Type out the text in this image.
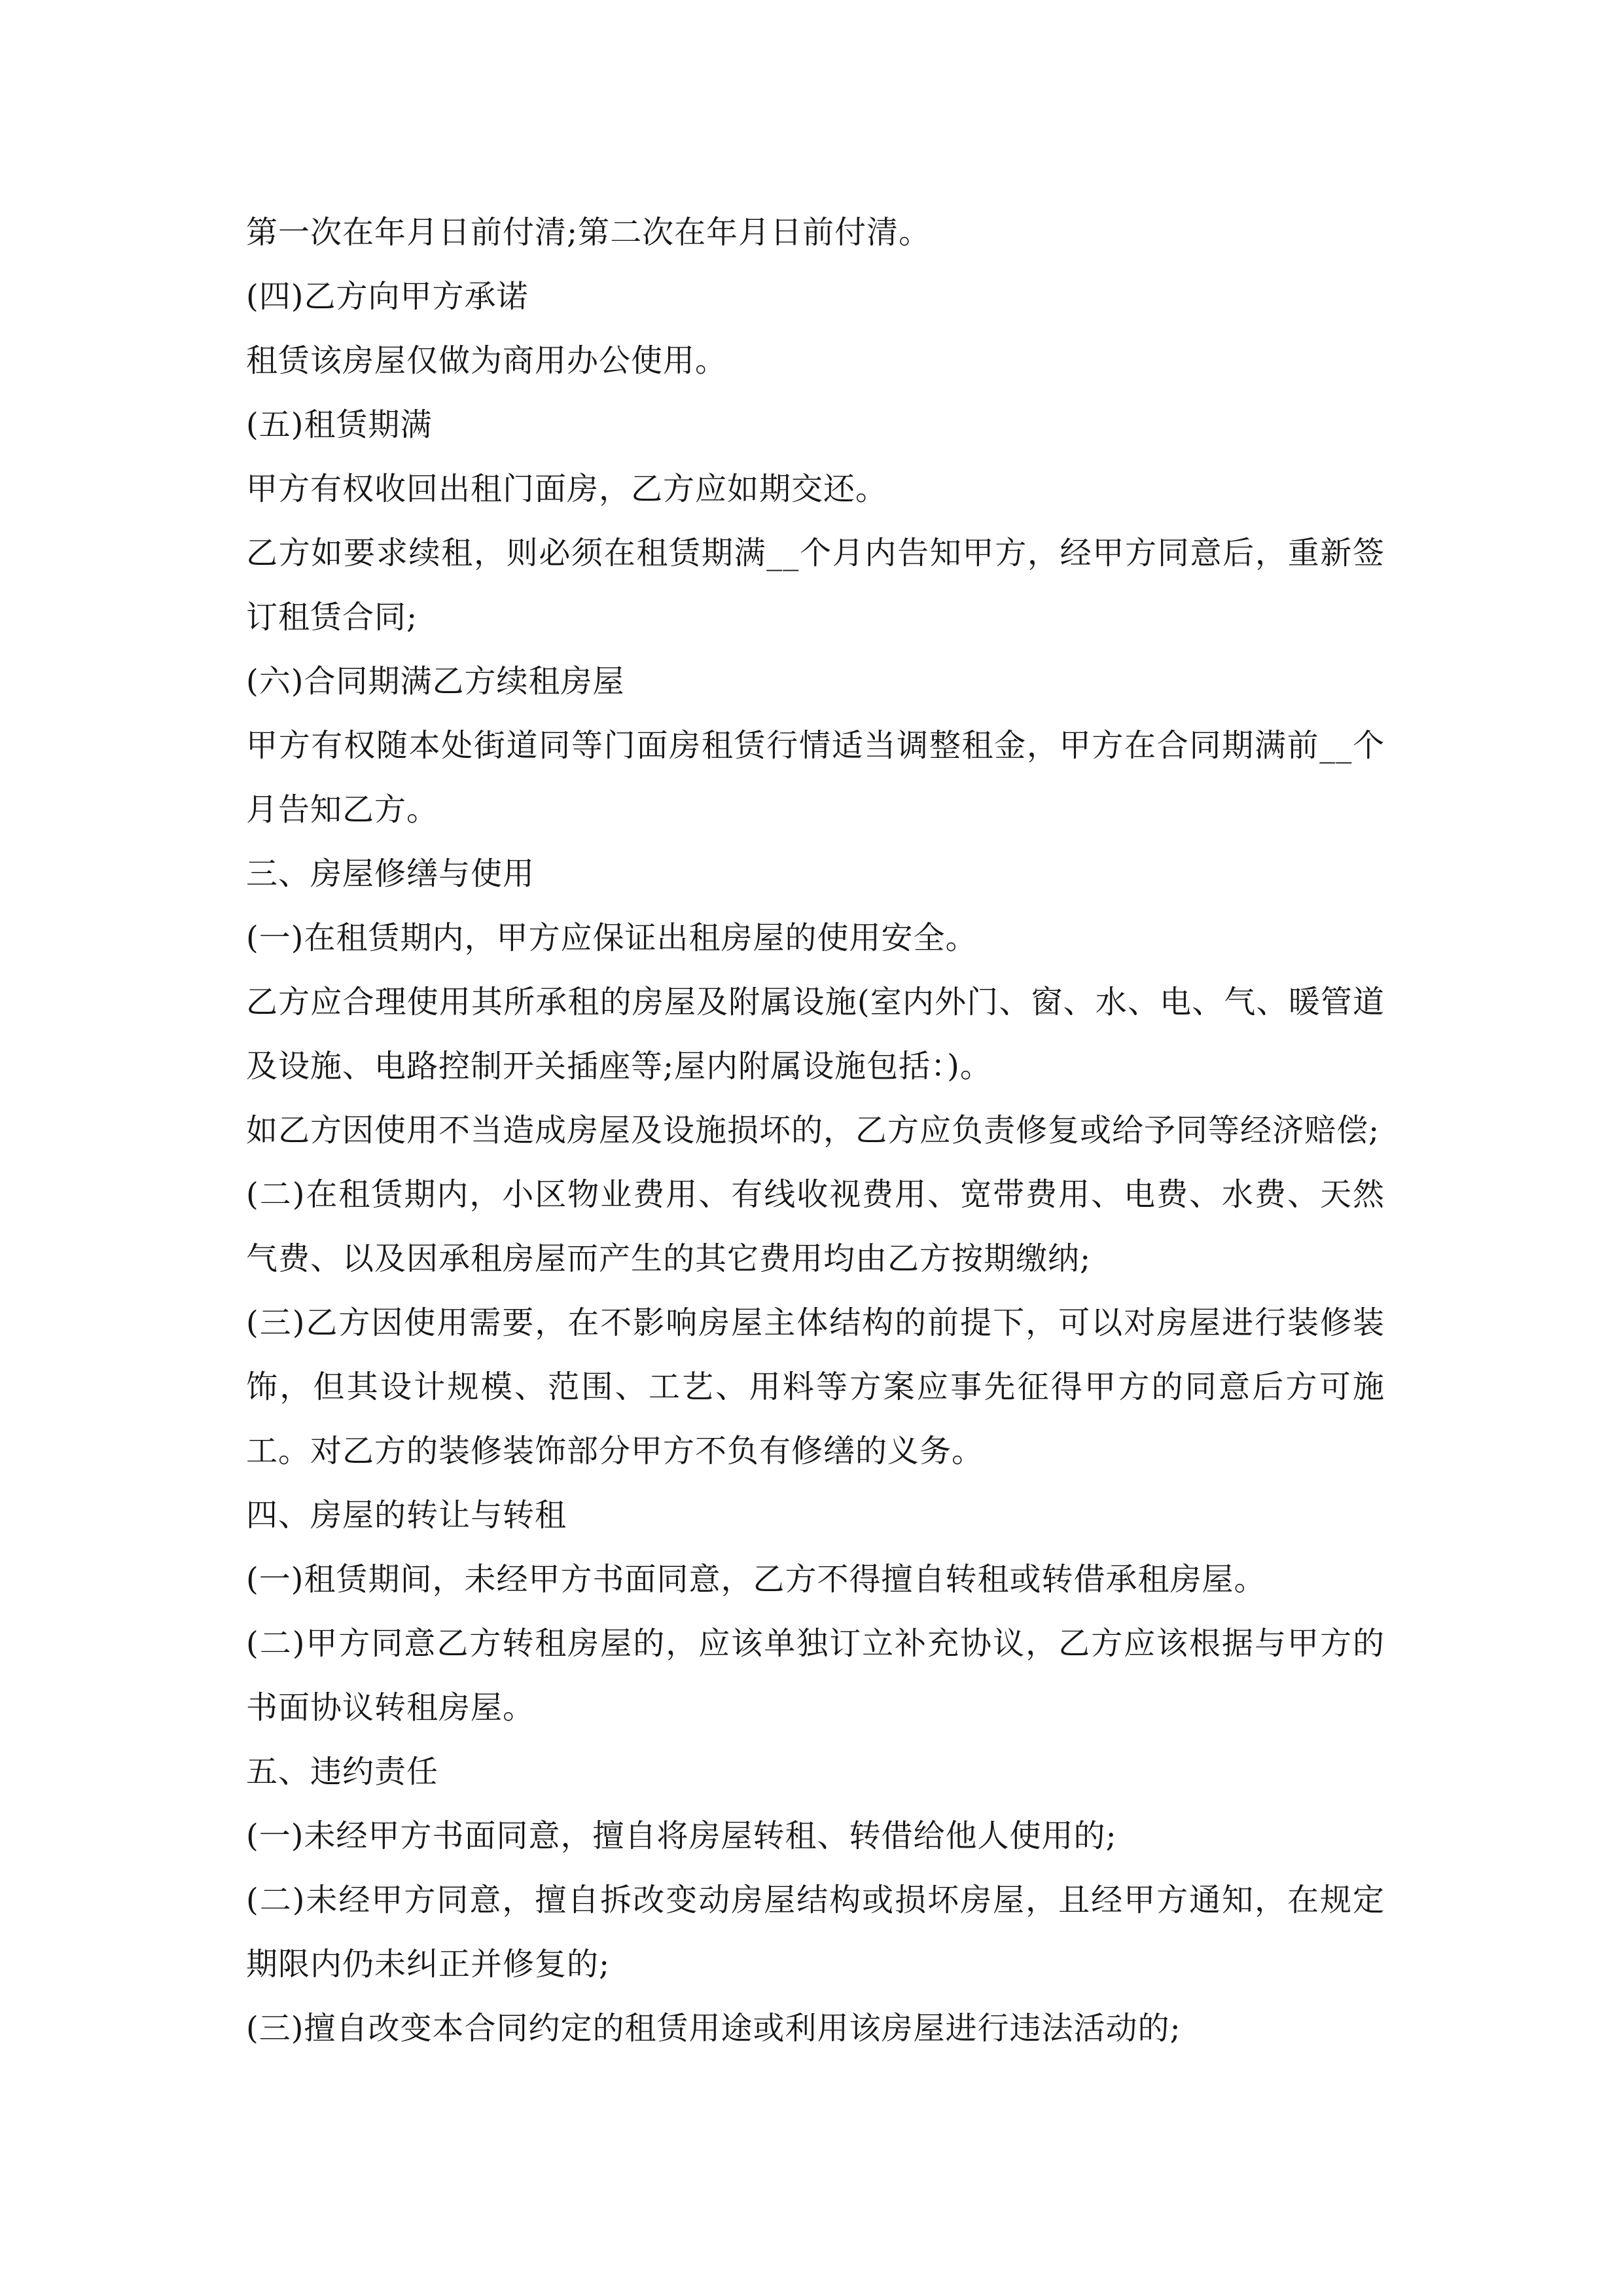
第一次在年月日前付清;第二次在年月日前付清。

(四)乙方向甲方承诺

租赁该房屋仅做为商用办公使用。

(五)租赁期满

甲方有权收回出租门面房，乙方应如期交还。

乙方如要求续租，则必须在租赁期满__个月内告知甲方，经甲方同意后，重新签订租赁合同;

(六)合同期满乙方续租房屋

甲方有权随本处街道同等门面房租赁行情适当调整租金，甲方在合同期满前__个月告知乙方。

三、房屋修缮与使用

(一)在租赁期内，甲方应保证出租房屋的使用安全。

乙方应合理使用其所承租的房屋及附属设施(室内外门、窗、水、电、气、暖管道及设施、电路控制开关插座等;屋内附属设施包括：)。

如乙方因使用不当造成房屋及设施损坏的，乙方应负责修复或给予同等经济赔偿;

(二)在租赁期内，小区物业费用、有线收视费用、宽带费用、电费、水费、天然气费、以及因承租房屋而产生的其它费用均由乙方按期缴纳;

(三)乙方因使用需要，在不影响房屋主体结构的前提下，可以对房屋进行装修装饰，但其设计规模、范围、工艺、用料等方案应事先征得甲方的同意后方可施工。对乙方的装修装饰部分甲方不负有修缮的义务。

四、房屋的转让与转租

(一)租赁期间，未经甲方书面同意，乙方不得擅自转租或转借承租房屋。

(二)甲方同意乙方转租房屋的，应该单独订立补充协议，乙方应该根据与甲方的书面协议转租房屋。

五、违约责任

(一)未经甲方书面同意，擅自将房屋转租、转借给他人使用的;

(二)未经甲方同意，擅自拆改变动房屋结构或损坏房屋，且经甲方通知，在规定期限内仍未纠正并修复的;

(三)擅自改变本合同约定的租赁用途或利用该房屋进行违法活动的;
